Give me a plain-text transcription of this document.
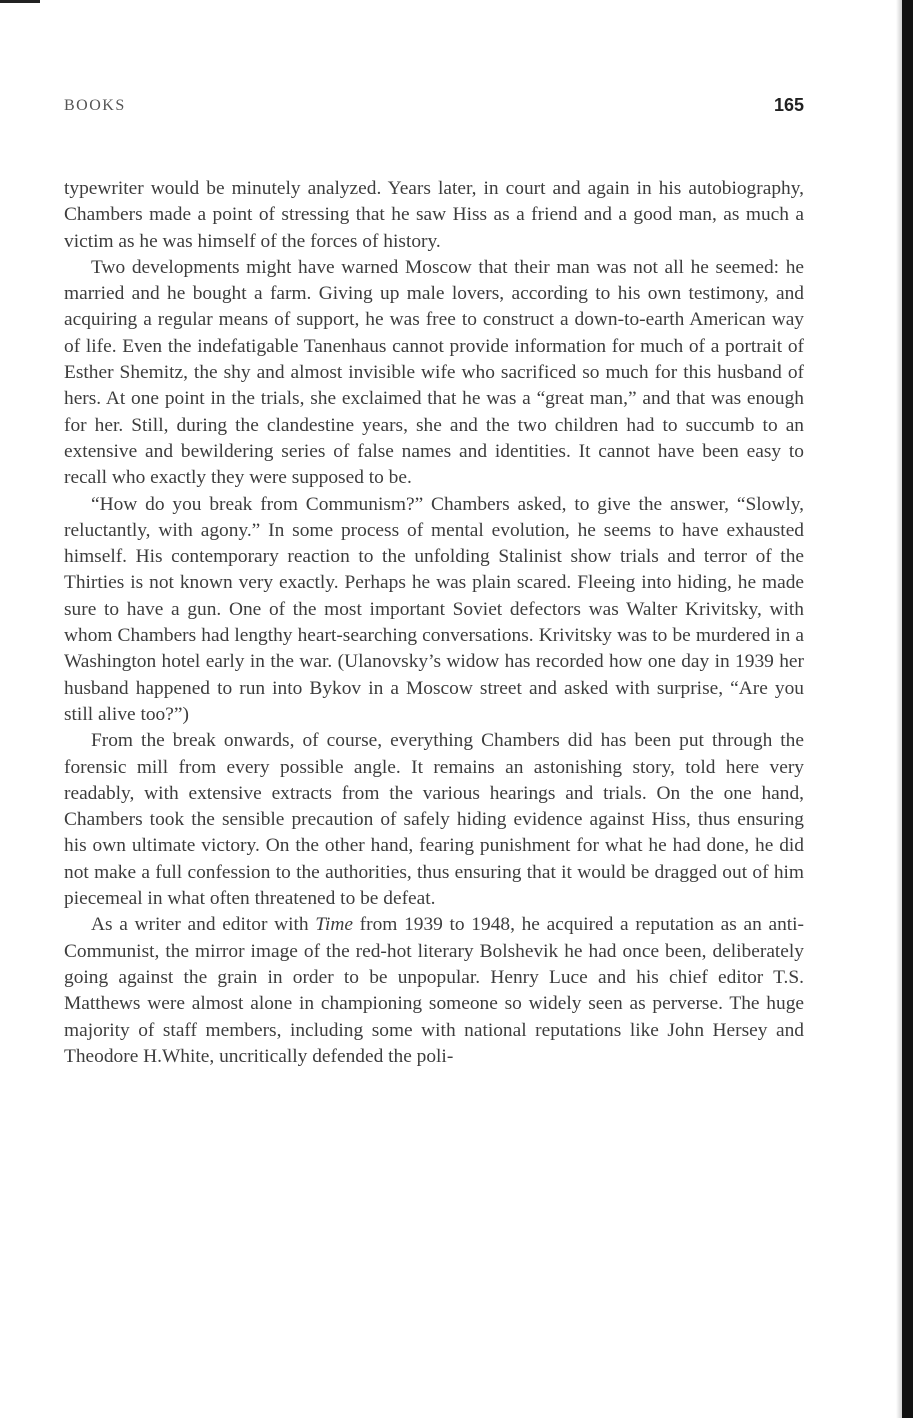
BOOKS	165

typewriter would be minutely analyzed. Years later, in court and again in his autobiography, Chambers made a point of stressing that he saw Hiss as a friend and a good man, as much a victim as he was himself of the forces of history.

Two developments might have warned Moscow that their man was not all he seemed: he married and he bought a farm. Giving up male lovers, according to his own testimony, and acquiring a regular means of support, he was free to construct a down-to-earth American way of life. Even the indefatigable Tanenhaus cannot provide information for much of a portrait of Esther Shemitz, the shy and almost invisible wife who sacrificed so much for this husband of hers. At one point in the trials, she exclaimed that he was a “great man,” and that was enough for her. Still, during the clandestine years, she and the two children had to succumb to an extensive and bewildering series of false names and identities. It cannot have been easy to recall who exactly they were supposed to be.

“How do you break from Communism?” Chambers asked, to give the answer, “Slowly, reluctantly, with agony.” In some process of mental evolution, he seems to have exhausted himself. His contemporary reaction to the unfolding Stalinist show trials and terror of the Thirties is not known very exactly. Perhaps he was plain scared. Fleeing into hiding, he made sure to have a gun. One of the most important Soviet defectors was Walter Krivitsky, with whom Chambers had lengthy heart-searching conversations. Krivitsky was to be murdered in a Washington hotel early in the war. (Ulanovsky’s widow has recorded how one day in 1939 her husband happened to run into Bykov in a Moscow street and asked with surprise, “Are you still alive too?”)

From the break onwards, of course, everything Chambers did has been put through the forensic mill from every possible angle. It remains an astonishing story, told here very readably, with extensive extracts from the various hearings and trials. On the one hand, Chambers took the sensible precaution of safely hiding evidence against Hiss, thus ensuring his own ultimate victory. On the other hand, fearing punishment for what he had done, he did not make a full confession to the authorities, thus ensuring that it would be dragged out of him piecemeal in what often threatened to be defeat.

As a writer and editor with Time from 1939 to 1948, he acquired a reputation as an anti-Communist, the mirror image of the red-hot literary Bolshevik he had once been, deliberately going against the grain in order to be unpopular. Henry Luce and his chief editor T.S. Matthews were almost alone in championing someone so widely seen as perverse. The huge majority of staff members, including some with national reputations like John Hersey and Theodore H.White, uncritically defended the poli-
